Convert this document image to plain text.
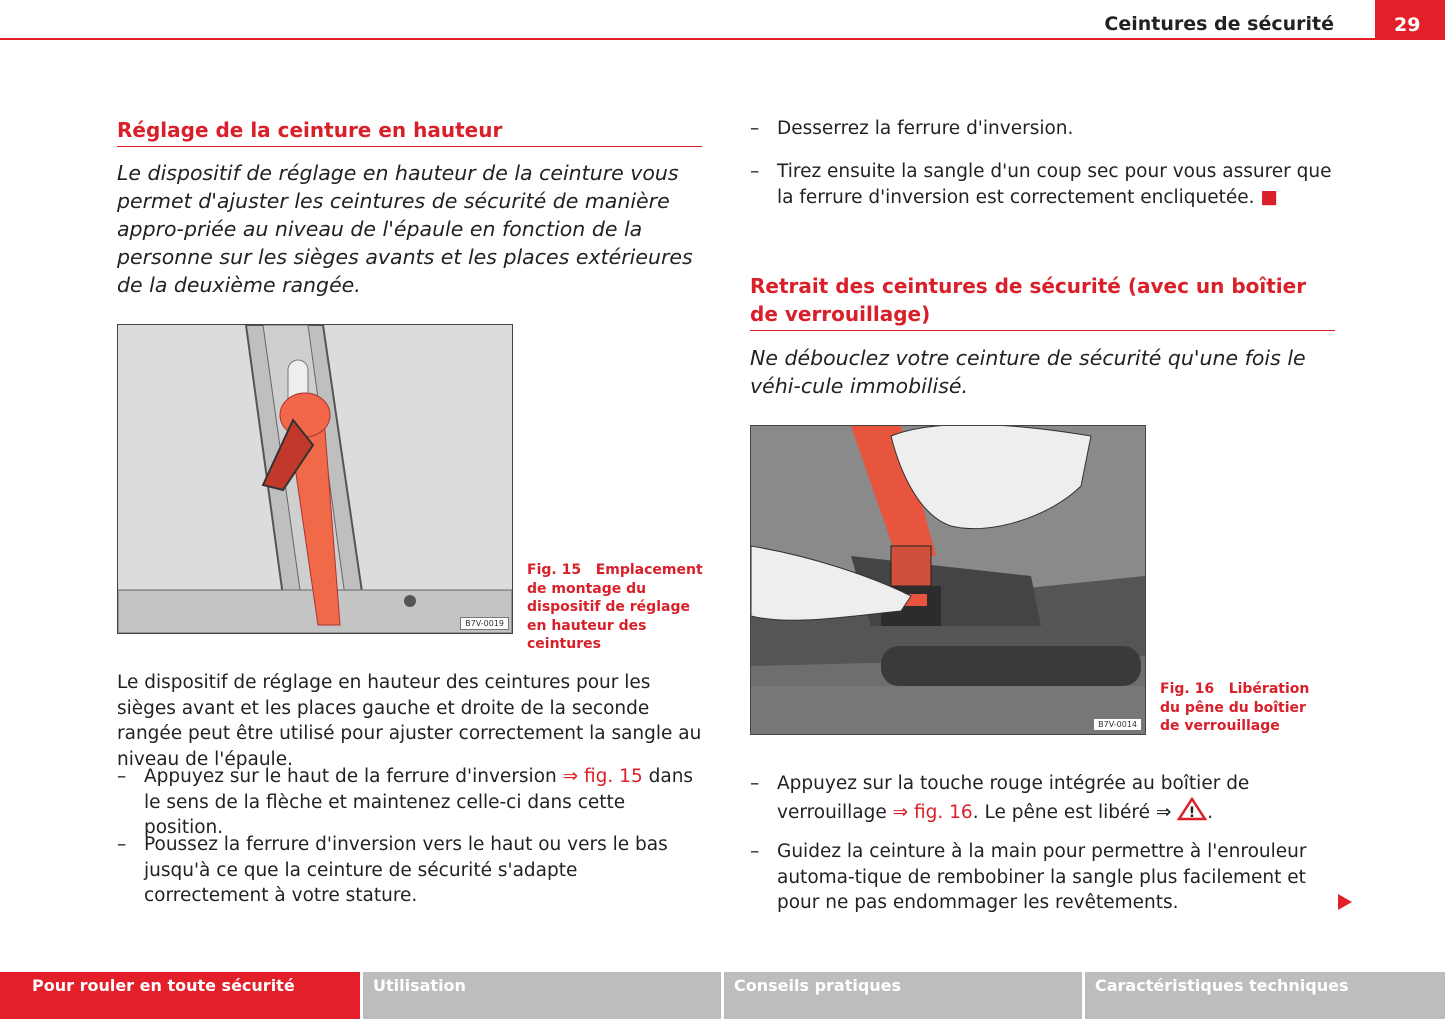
Ceintures de sécurité	29
Réglage de la ceinture en hauteur
Le dispositif de réglage en hauteur de la ceinture vous permet d'ajuster les ceintures de sécurité de manière appro-priée au niveau de l'épaule en fonction de la personne sur les sièges avants et les places extérieures de la deuxième rangée.
B7V-0019
Fig. 15 Emplacement de montage du dispositif de réglage en hauteur des ceintures
Le dispositif de réglage en hauteur des ceintures pour les sièges avant et les places gauche et droite de la seconde rangée peut être utilisé pour ajuster correctement la sangle au niveau de l'épaule.
– Appuyez sur le haut de la ferrure d'inversion ⇒ fig. 15 dans le sens de la flèche et maintenez celle-ci dans cette position.
– Poussez la ferrure d'inversion vers le haut ou vers le bas jusqu'à ce que la ceinture de sécurité s'adapte correctement à votre stature.
– Desserrez la ferrure d'inversion.
– Tirez ensuite la sangle d'un coup sec pour vous assurer que la ferrure d'inversion est correctement encliquetée. ■
Retrait des ceintures de sécurité (avec un boîtier de verrouillage)
Ne débouclez votre ceinture de sécurité qu'une fois le véhi-cule immobilisé.
B7V-0014
Fig. 16 Libération du pêne du boîtier de verrouillage
– Appuyez sur la touche rouge intégrée au boîtier de verrouillage ⇒ fig. 16. Le pêne est libéré ⇒ ! .
– Guidez la ceinture à la main pour permettre à l'enrouleur automa-tique de rembobiner la sangle plus facilement et pour ne pas endommager les revêtements.
Pour rouler en toute sécurité	Utilisation	Conseils pratiques	Caractéristiques techniques
